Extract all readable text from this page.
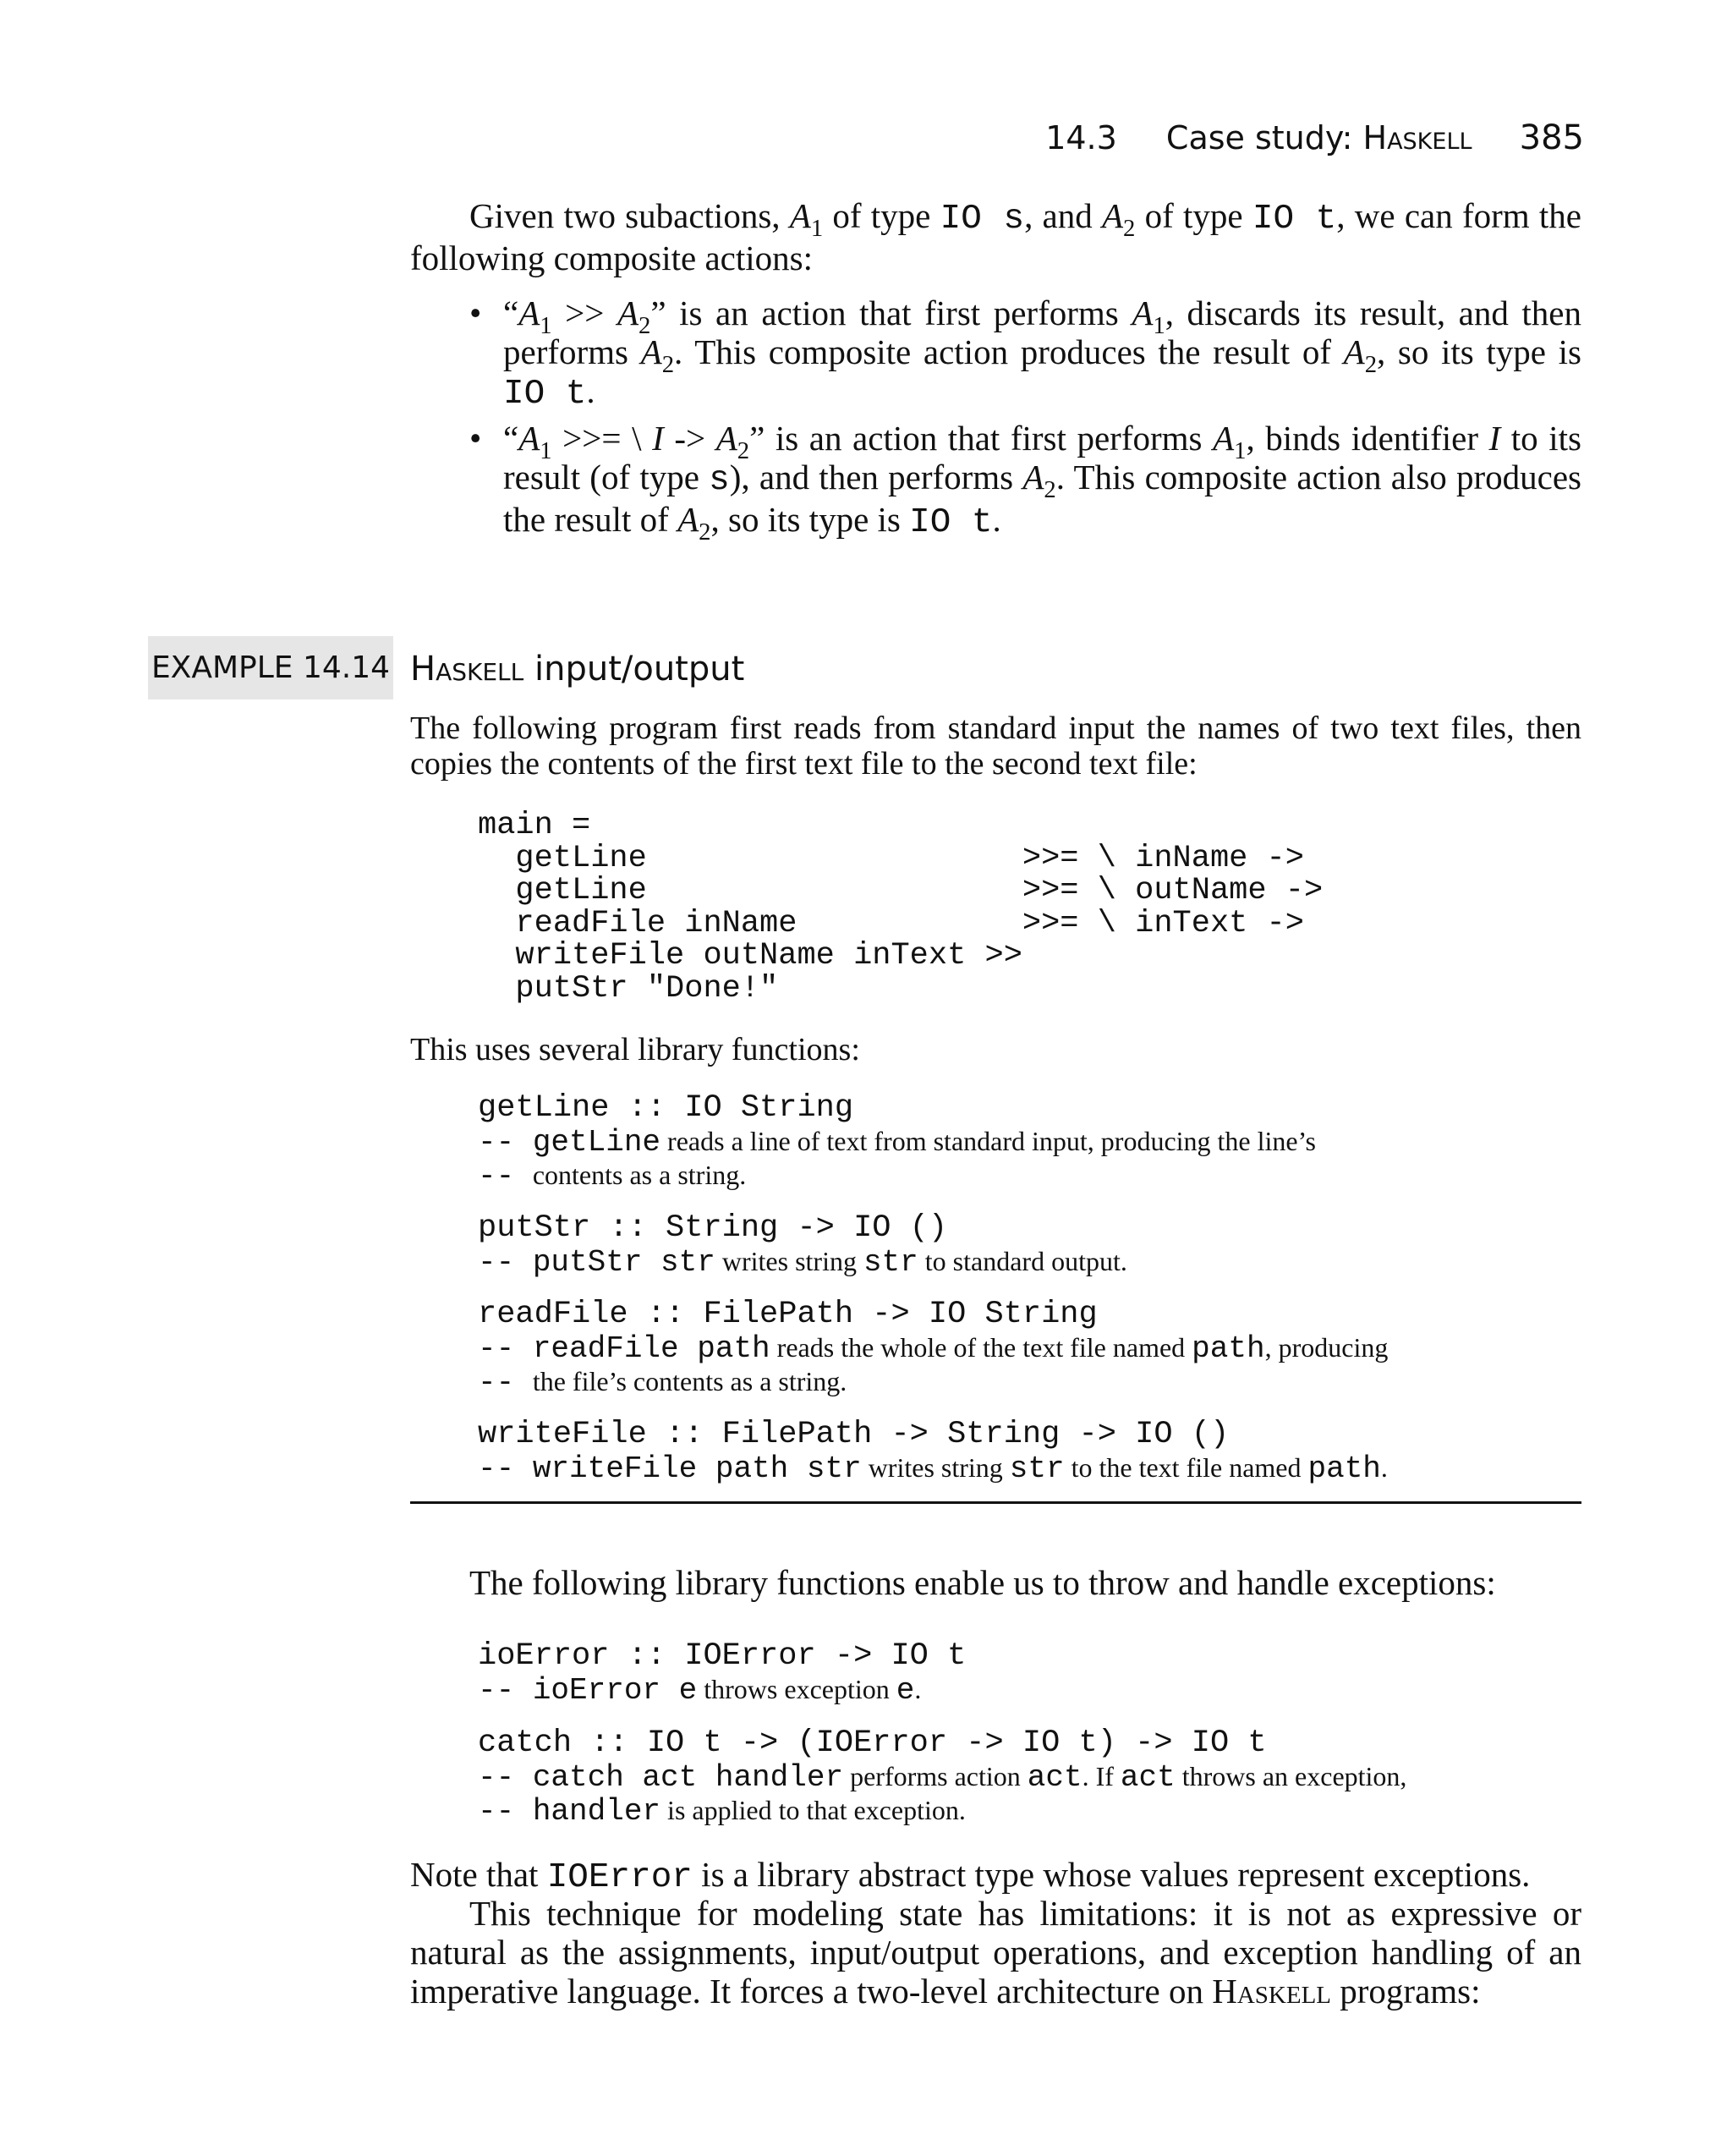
14.3 Case study: Haskell 385
Given two subactions, $A_1$ of type IO s, and $A_2$ of type IO t, we can form the following composite actions:
• “$A_1 >> A_2$” is an action that first performs $A_1$, discards its result, and then performs $A_2$. This composite action produces the result of $A_2$, so its type is IO t.
• “$A_1$ >>= \ $I -> A_2$” is an action that first performs $A_1$, binds identifier I to its result (of type s), and then performs $A_2$. This composite action also produces the result of $A_2$, so its type is IO t.
EXAMPLE 14.14 Haskell input/output
The following program first reads from standard input the names of two text files, then copies the contents of the first text file to the second text file:
main =
getLine                    >>= \ inName ->
getLine                    >>= \ outName ->
readFile inName            >>= \ inText ->
writeFile outName inText >>
putStr "Done!"
This uses several library functions:
getLine :: IO String
-- getLine reads a line of text from standard input, producing the line’s
-- contents as a string.
putStr :: String -> IO ()
-- putStr str writes string str to standard output.
readFile :: FilePath -> IO String
-- readFile path reads the whole of the text file named path, producing
-- the file’s contents as a string.
writeFile :: FilePath -> String -> IO ()
-- writeFile path str writes string str to the text file named path.
The following library functions enable us to throw and handle exceptions:
ioError :: IOError -> IO t
-- ioError e throws exception e.
catch :: IO t -> (IOError -> IO t) -> IO t
-- catch act handler performs action act. If act throws an exception,
-- handler is applied to that exception.
Note that IOError is a library abstract type whose values represent exceptions.
This technique for modeling state has limitations: it is not as expressive or natural as the assignments, input/output operations, and exception handling of an imperative language. It forces a two-level architecture on Haskell programs:
